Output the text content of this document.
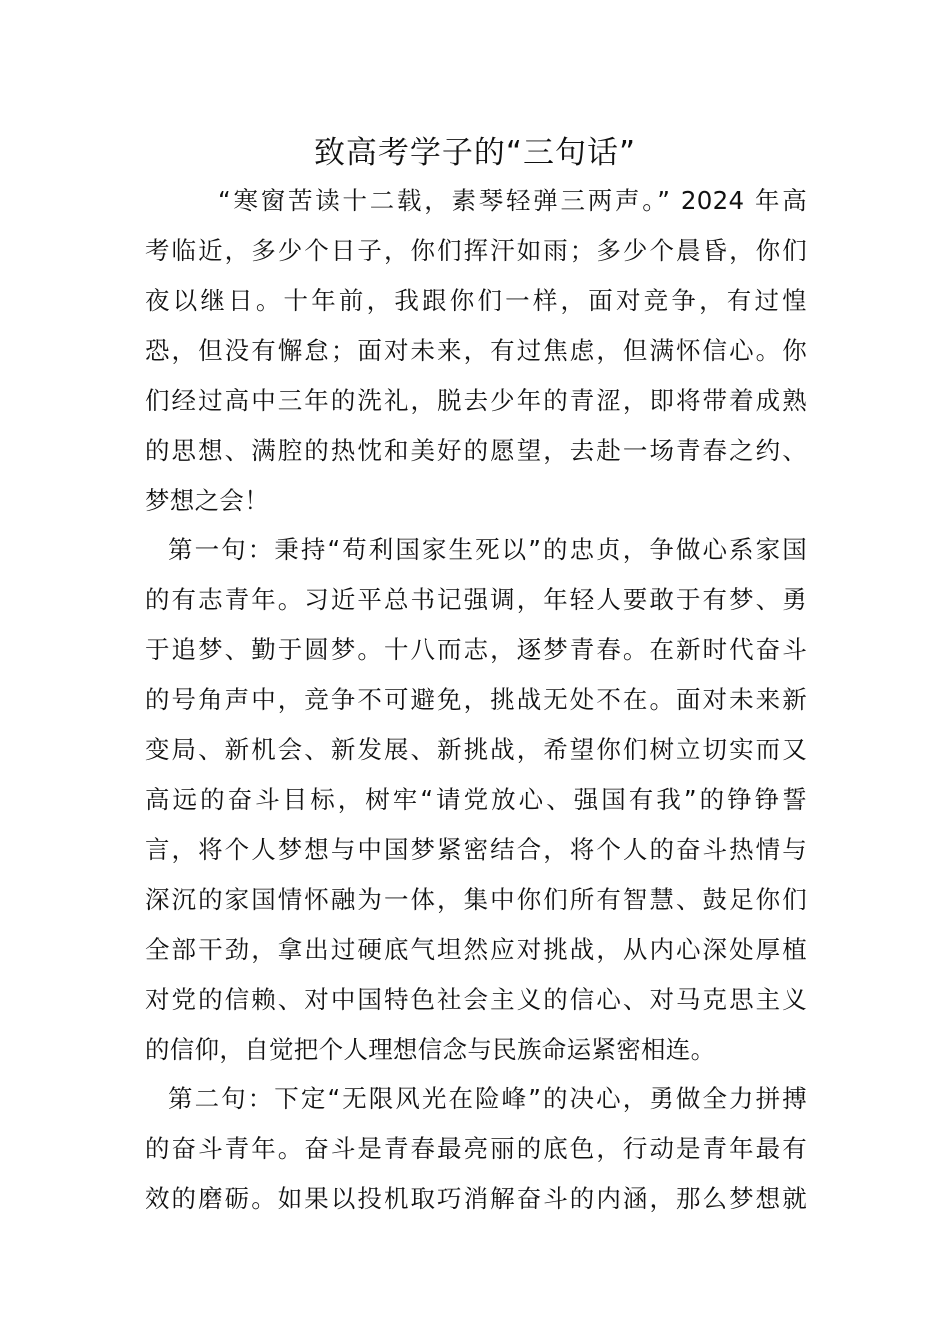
致高考学子的“三句话”

“寒窗苦读十二载，素琴轻弹三两声。” 2024 年高

考临近，多少个日子，你们挥汗如雨；多少个晨昏，你们

夜以继日。十年前，我跟你们一样，面对竞争，有过惶

恐，但没有懈怠；面对未来，有过焦虑，但满怀信心。你

们经过高中三年的洗礼，脱去少年的青涩，即将带着成熟

的思想、满腔的热忱和美好的愿望，去赴一场青春之约、

梦想之会！

第一句：秉持“苟利国家生死以”的忠贞，争做心系家国

的有志青年。习近平总书记强调，年轻人要敢于有梦、勇

于追梦、勤于圆梦。十八而志，逐梦青春。在新时代奋斗

的号角声中，竞争不可避免，挑战无处不在。面对未来新

变局、新机会、新发展、新挑战，希望你们树立切实而又

高远的奋斗目标，树牢“请党放心、强国有我”的铮铮誓

言，将个人梦想与中国梦紧密结合，将个人的奋斗热情与

深沉的家国情怀融为一体，集中你们所有智慧、鼓足你们

全部干劲，拿出过硬底气坦然应对挑战，从内心深处厚植

对党的信赖、对中国特色社会主义的信心、对马克思主义

的信仰，自觉把个人理想信念与民族命运紧密相连。

第二句：下定“无限风光在险峰”的决心，勇做全力拼搏

的奋斗青年。奋斗是青春最亮丽的底色，行动是青年最有

效的磨砺。如果以投机取巧消解奋斗的内涵，那么梦想就
